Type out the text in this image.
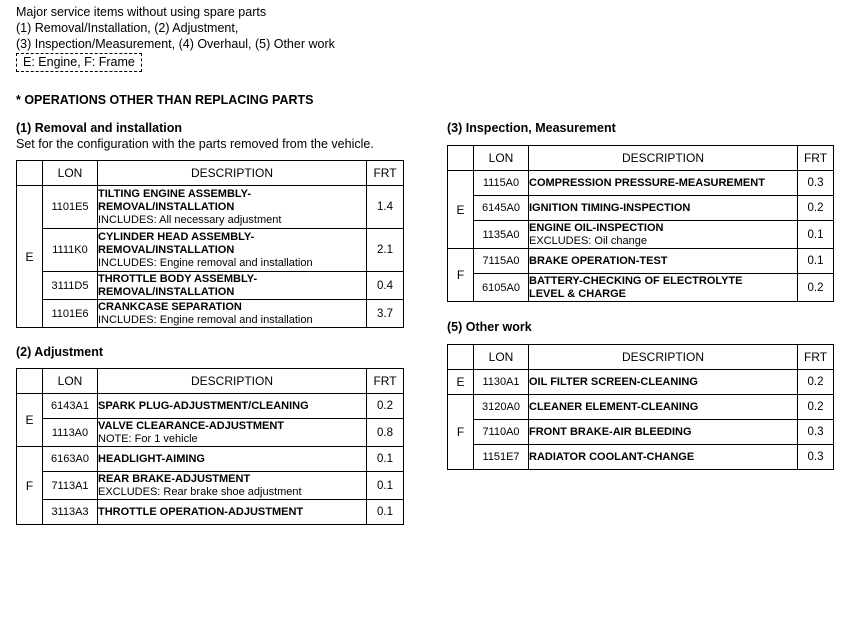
Major service items without using spare parts
(1) Removal/Installation, (2) Adjustment,
(3) Inspection/Measurement, (4) Overhaul, (5) Other work
E: Engine, F: Frame
* OPERATIONS OTHER THAN REPLACING PARTS
(1) Removal and installation
Set for the configuration with the parts removed from the vehicle.
	LON	DESCRIPTION	FRT
E	1101E5	TILTING ENGINE ASSEMBLY-
REMOVAL/INSTALLATION
INCLUDES: All necessary adjustment	1.4
	1111K0	CYLINDER HEAD ASSEMBLY-
REMOVAL/INSTALLATION
INCLUDES: Engine removal and installation	2.1
	3111D5	THROTTLE BODY ASSEMBLY-
REMOVAL/INSTALLATION	0.4
	1101E6	CRANKCASE SEPARATION
INCLUDES: Engine removal and installation	3.7
(2) Adjustment
	LON	DESCRIPTION	FRT
E	6143A1	SPARK PLUG-ADJUSTMENT/CLEANING	0.2
	1113A0	VALVE CLEARANCE-ADJUSTMENT
NOTE: For 1 vehicle	0.8
F	6163A0	HEADLIGHT-AIMING	0.1
	7113A1	REAR BRAKE-ADJUSTMENT
EXCLUDES: Rear brake shoe adjustment	0.1
	3113A3	THROTTLE OPERATION-ADJUSTMENT	0.1
(3) Inspection, Measurement
	LON	DESCRIPTION	FRT
E	1115A0	COMPRESSION PRESSURE-MEASUREMENT	0.3
	6145A0	IGNITION TIMING-INSPECTION	0.2
	1135A0	ENGINE OIL-INSPECTION
EXCLUDES: Oil change	0.1
F	7115A0	BRAKE OPERATION-TEST	0.1
	6105A0	BATTERY-CHECKING OF ELECTROLYTE
LEVEL & CHARGE	0.2
(5) Other work
	LON	DESCRIPTION	FRT
E	1130A1	OIL FILTER SCREEN-CLEANING	0.2
F	3120A0	CLEANER ELEMENT-CLEANING	0.2
	7110A0	FRONT BRAKE-AIR BLEEDING	0.3
	1151E7	RADIATOR COOLANT-CHANGE	0.3
